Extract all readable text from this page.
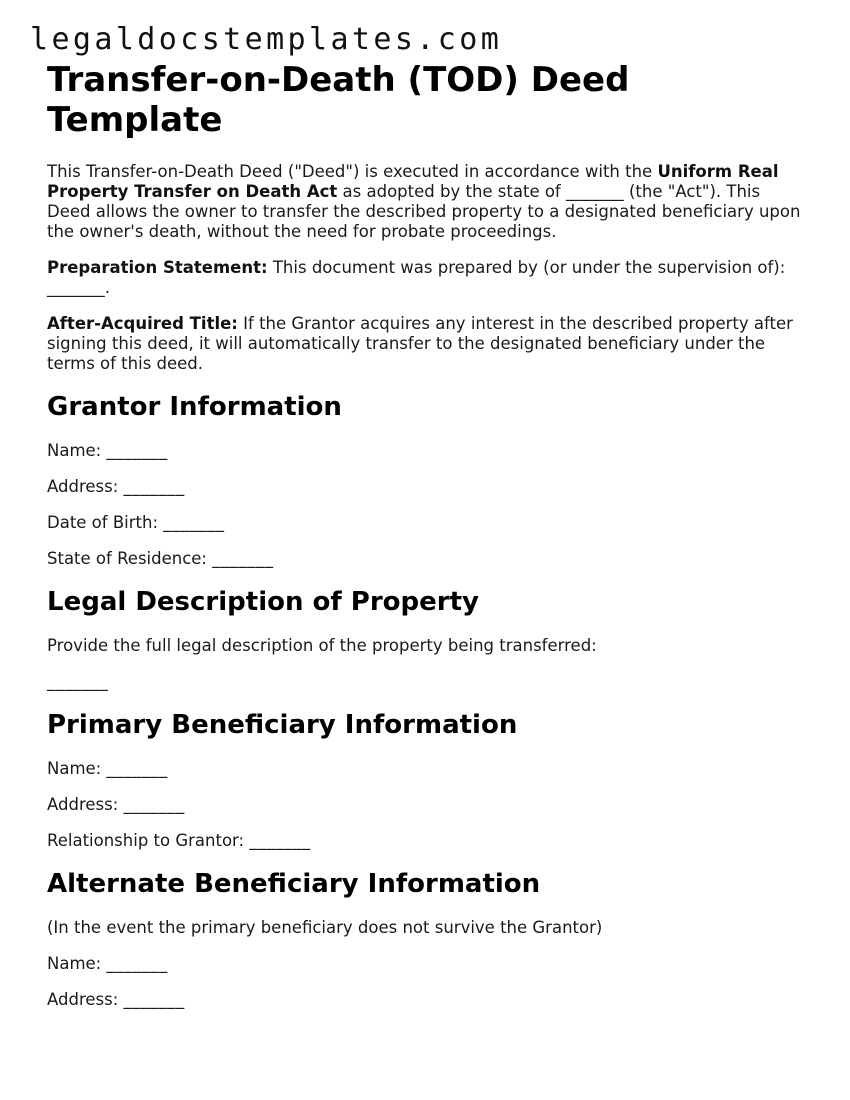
legaldocstemplates.com
Transfer-on-Death (TOD) Deed Template

This Transfer-on-Death Deed ("Deed") is executed in accordance with the Uniform Real Property Transfer on Death Act as adopted by the state of _______ (the "Act"). This Deed allows the owner to transfer the described property to a designated beneficiary upon the owner's death, without the need for probate proceedings.

Preparation Statement: This document was prepared by (or under the supervision of): _______.

After-Acquired Title: If the Grantor acquires any interest in the described property after signing this deed, it will automatically transfer to the designated beneficiary under the terms of this deed.

Grantor Information

Name: _______

Address: _______

Date of Birth: _______

State of Residence: _______

Legal Description of Property

Provide the full legal description of the property being transferred:

_______

Primary Beneficiary Information

Name: _______

Address: _______

Relationship to Grantor: _______

Alternate Beneficiary Information

(In the event the primary beneficiary does not survive the Grantor)

Name: _______

Address: _______
